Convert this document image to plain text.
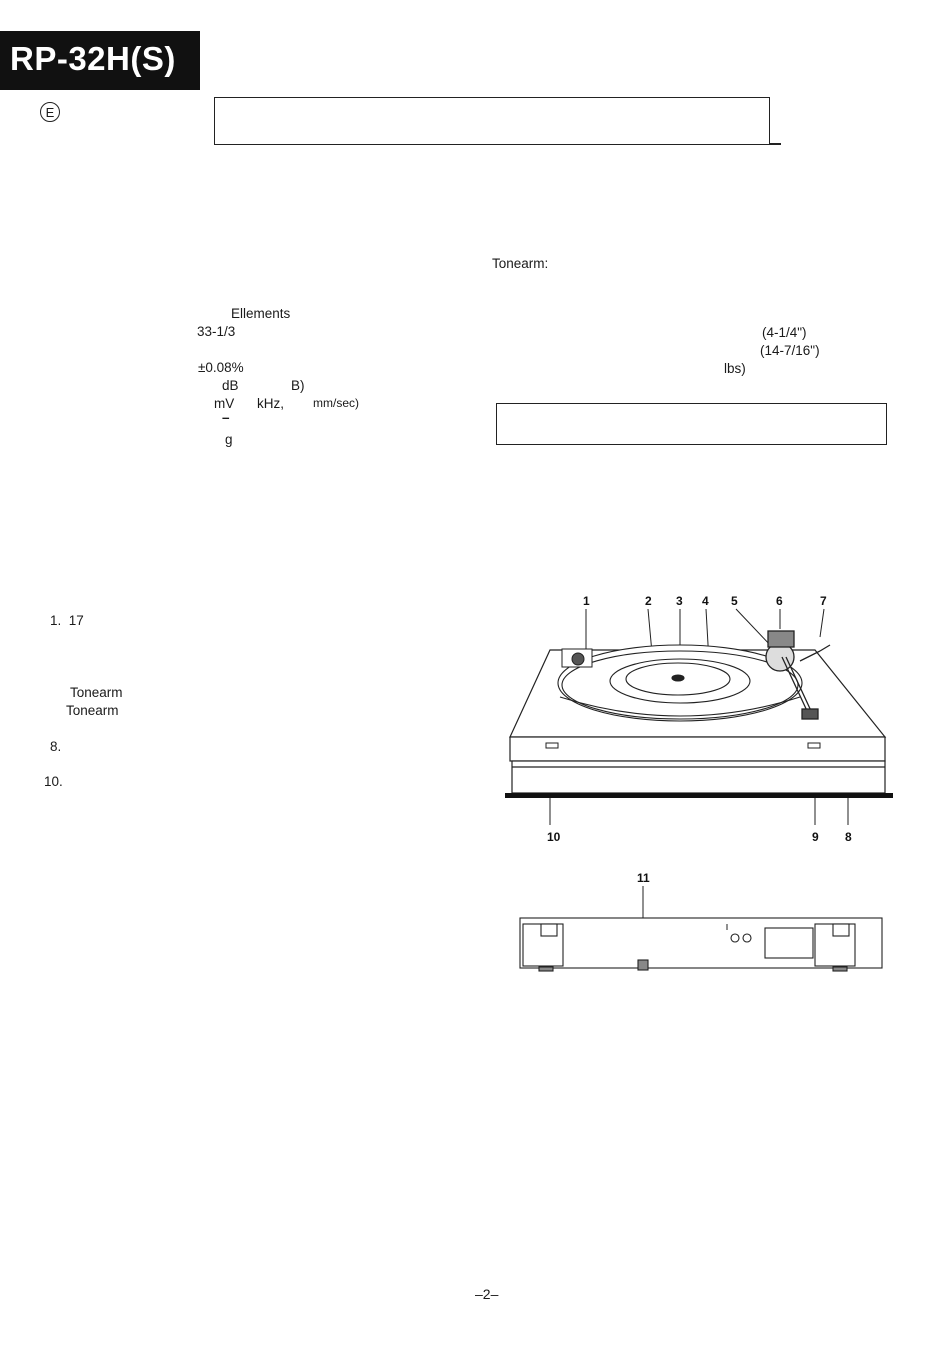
RP-32H(S)
E
Ellements
33-1/3
±0.08%
dB	B)
mV kHz, mm/sec)
–
g
Tonearm:
(4-1/4")
(14-7/16")
lbs)
1.  17
Tonearm
Tonearm
8.
10.
1	2 3 4 5	6	7
10	9 8
11
–2–
